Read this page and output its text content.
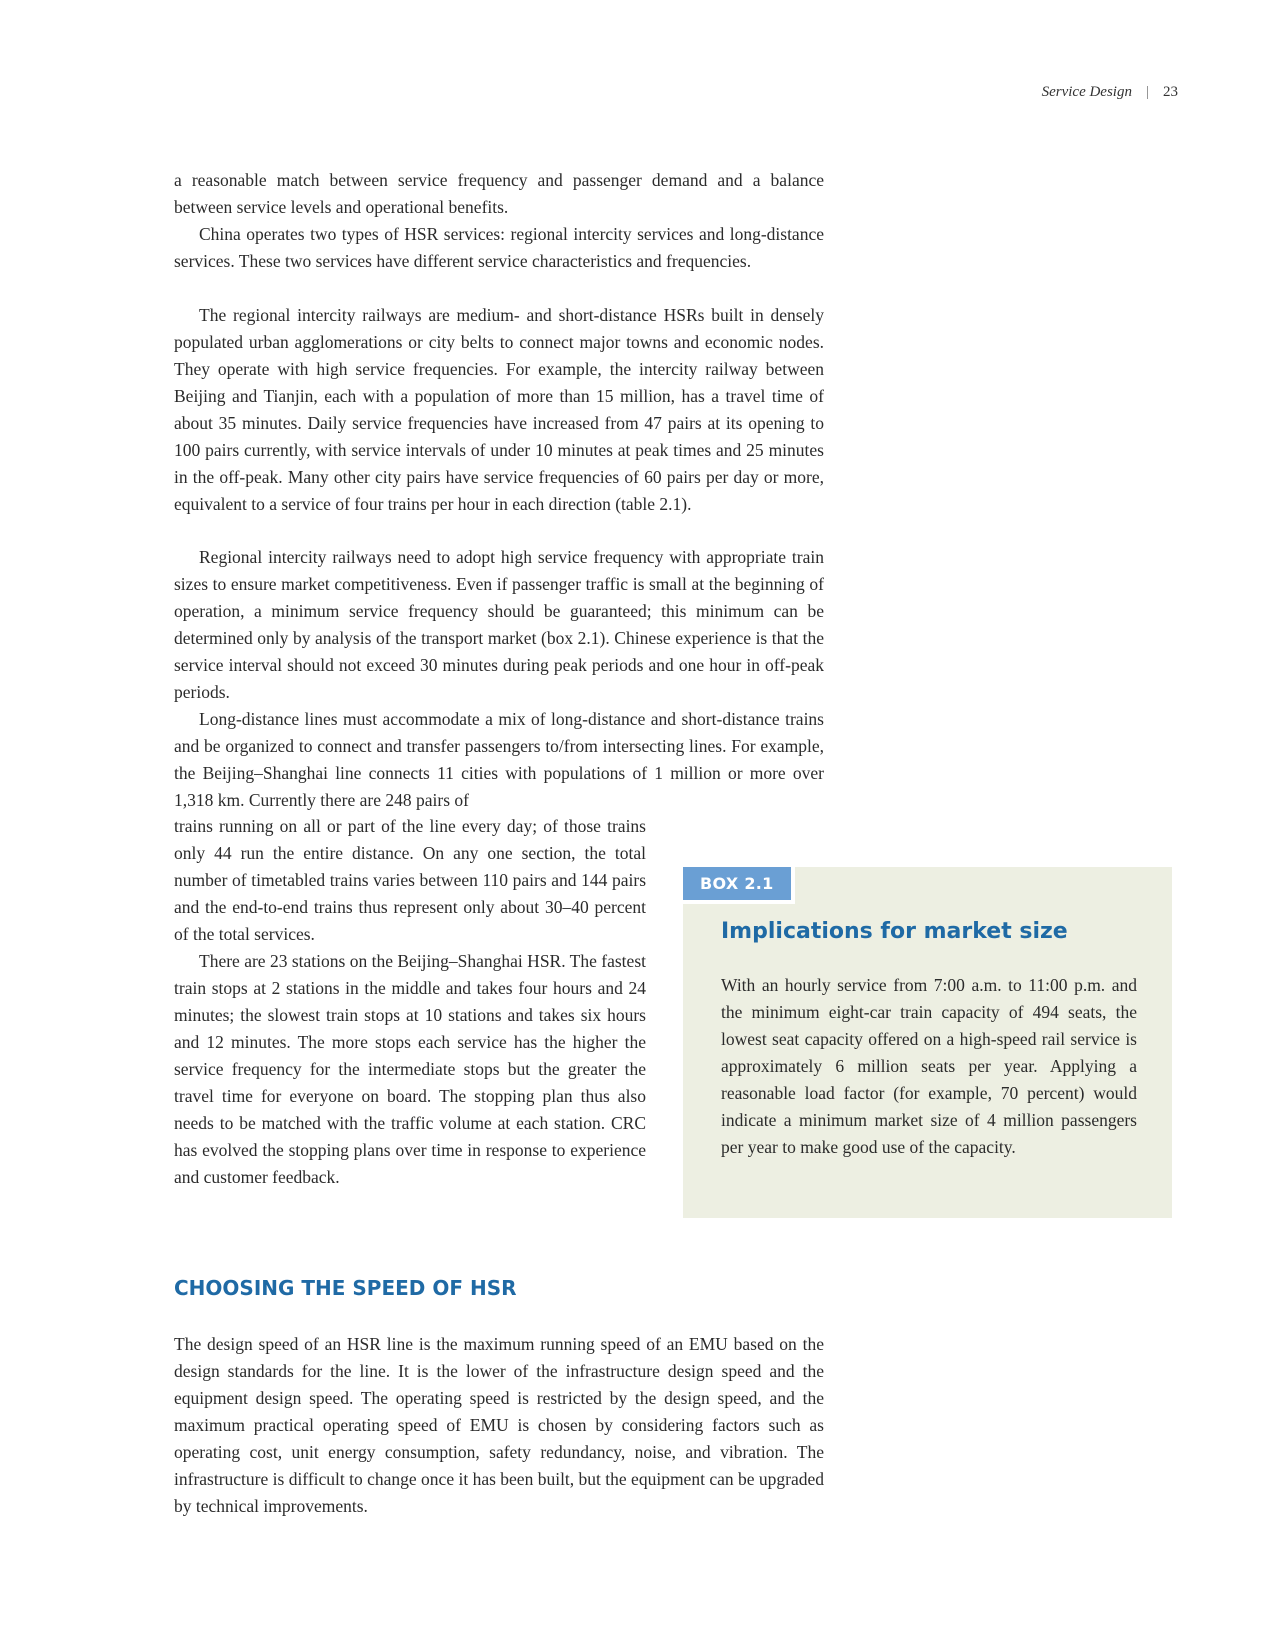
Service Design | 23

a reasonable match between service frequency and passenger demand and a balance between service levels and operational benefits.

China operates two types of HSR services: regional intercity services and long-distance services. These two services have different service characteristics and frequencies.

The regional intercity railways are medium- and short-distance HSRs built in densely populated urban agglomerations or city belts to connect major towns and economic nodes. They operate with high service frequencies. For example, the intercity railway between Beijing and Tianjin, each with a population of more than 15 million, has a travel time of about 35 minutes. Daily service frequencies have increased from 47 pairs at its opening to 100 pairs currently, with service intervals of under 10 minutes at peak times and 25 minutes in the off-peak. Many other city pairs have service frequencies of 60 pairs per day or more, equivalent to a service of four trains per hour in each direction (table 2.1).

Regional intercity railways need to adopt high service frequency with appropriate train sizes to ensure market competitiveness. Even if passenger traffic is small at the beginning of operation, a minimum service frequency should be guaranteed; this minimum can be determined only by analysis of the transport market (box 2.1). Chinese experience is that the service interval should not exceed 30 minutes during peak periods and one hour in off-peak periods.

Long-distance lines must accommodate a mix of long-distance and short-distance trains and be organized to connect and transfer passengers to/from intersecting lines. For example, the Beijing–Shanghai line connects 11 cities with populations of 1 million or more over 1,318 km. Currently there are 248 pairs of

trains running on all or part of the line every day; of those trains only 44 run the entire distance. On any one section, the total number of timetabled trains varies between 110 pairs and 144 pairs and the end-to-end trains thus represent only about 30–40 percent of the total services.

There are 23 stations on the Beijing–Shanghai HSR. The fastest train stops at 2 stations in the middle and takes four hours and 24 minutes; the slowest train stops at 10 stations and takes six hours and 12 minutes. The more stops each service has the higher the service frequency for the intermediate stops but the greater the travel time for everyone on board. The stopping plan thus also needs to be matched with the traffic volume at each station. CRC has evolved the stopping plans over time in response to experience and customer feedback.

BOX 2.1
Implications for market size

With an hourly service from 7:00 a.m. to 11:00 p.m. and the minimum eight-car train capacity of 494 seats, the lowest seat capacity offered on a high-speed rail service is approximately 6 million seats per year. Applying a reasonable load factor (for example, 70 percent) would indicate a minimum market size of 4 million passengers per year to make good use of the capacity.

CHOOSING THE SPEED OF HSR

The design speed of an HSR line is the maximum running speed of an EMU based on the design standards for the line. It is the lower of the infrastructure design speed and the equipment design speed. The operating speed is restricted by the design speed, and the maximum practical operating speed of EMU is chosen by considering factors such as operating cost, unit energy consumption, safety redundancy, noise, and vibration. The infrastructure is difficult to change once it has been built, but the equipment can be upgraded by technical improvements.
